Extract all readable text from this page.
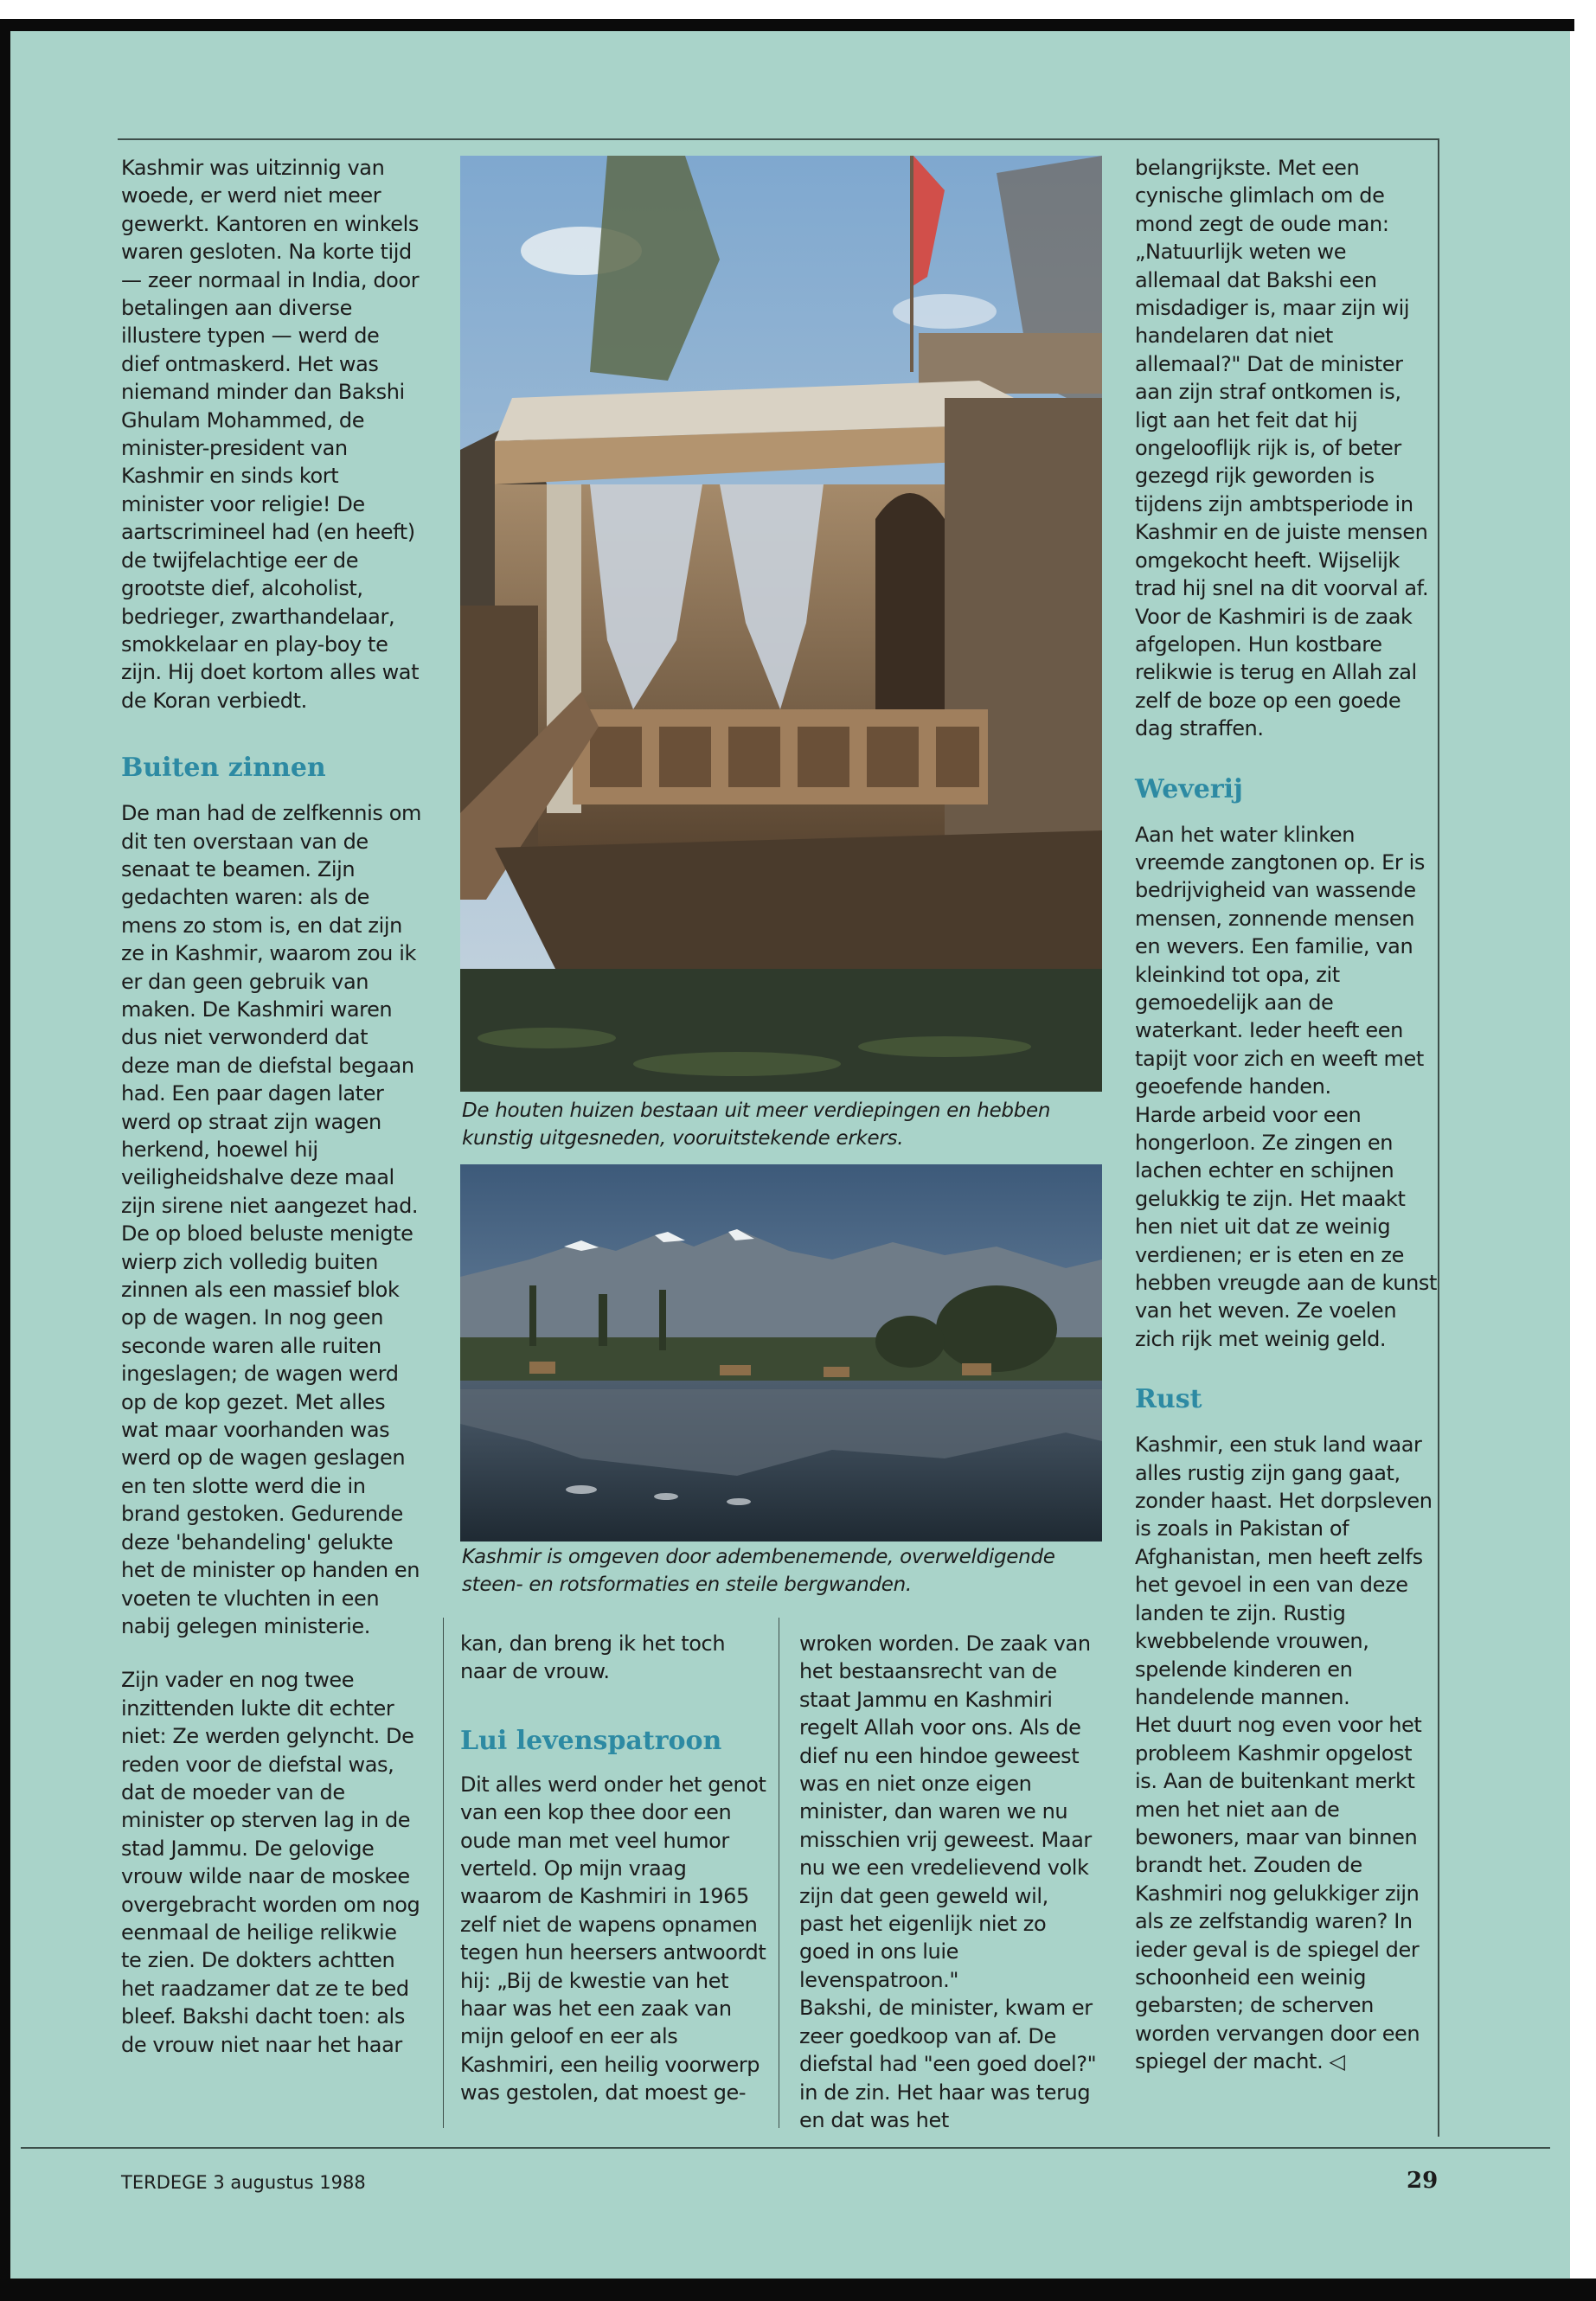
Kashmir was uitzinnig van woede, er werd niet meer gewerkt. Kantoren en winkels waren gesloten. Na korte tijd — zeer normaal in India, door betalingen aan diverse illustere typen — werd de dief ontmaskerd. Het was niemand minder dan Bakshi Ghulam Mohammed, de minister-president van Kashmir en sinds kort minister voor religie! De aartscrimineel had (en heeft) de twijfelachtige eer de grootste dief, alcoholist, bedrieger, zwarthandelaar, smokkelaar en play-boy te zijn. Hij doet kortom alles wat de Koran verbiedt.

Buiten zinnen

De man had de zelfkennis om dit ten overstaan van de senaat te beamen. Zijn gedachten waren: als de mens zo stom is, en dat zijn ze in Kashmir, waarom zou ik er dan geen gebruik van maken. De Kashmiri waren dus niet verwonderd dat deze man de diefstal begaan had. Een paar dagen later werd op straat zijn wagen herkend, hoewel hij veiligheidshalve deze maal zijn sirene niet aangezet had. De op bloed beluste menigte wierp zich volledig buiten zinnen als een massief blok op de wagen. In nog geen seconde waren alle ruiten ingeslagen; de wagen werd op de kop gezet. Met alles wat maar voorhanden was werd op de wagen geslagen en ten slotte werd die in brand gestoken. Gedurende deze 'behandeling' gelukte het de minister op handen en voeten te vluchten in een nabij gelegen ministerie.

Zijn vader en nog twee inzittenden lukte dit echter niet: Ze werden gelyncht. De reden voor de diefstal was, dat de moeder van de minister op sterven lag in de stad Jammu. De gelovige vrouw wilde naar de moskee overgebracht worden om nog eenmaal de heilige relikwie te zien. De dokters achtten het raadzamer dat ze te bed bleef. Bakshi dacht toen: als de vrouw niet naar het haar

De houten huizen bestaan uit meer verdiepingen en hebben kunstig uitgesneden, vooruitstekende erkers.
Kashmir is omgeven door adembenemende, overweldigende steen- en rotsformaties en steile bergwanden.

kan, dan breng ik het toch naar de vrouw.

Lui levenspatroon

Dit alles werd onder het genot van een kop thee door een oude man met veel humor verteld. Op mijn vraag waarom de Kashmiri in 1965 zelf niet de wapens opnamen tegen hun heersers antwoordt hij: „Bij de kwestie van het haar was het een zaak van mijn geloof en eer als Kashmiri, een heilig voorwerp was gestolen, dat moest ge-

wroken worden. De zaak van het bestaansrecht van de staat Jammu en Kashmiri regelt Allah voor ons. Als de dief nu een hindoe geweest was en niet onze eigen minister, dan waren we nu misschien vrij geweest. Maar nu we een vredelievend volk zijn dat geen geweld wil, past het eigenlijk niet zo goed in ons luie levenspatroon."

Bakshi, de minister, kwam er zeer goedkoop van af. De diefstal had "een goed doel?" in de zin. Het haar was terug en dat was het

belangrijkste. Met een cynische glimlach om de mond zegt de oude man: „Natuurlijk weten we allemaal dat Bakshi een misdadiger is, maar zijn wij handelaren dat niet allemaal?" Dat de minister aan zijn straf ontkomen is, ligt aan het feit dat hij ongelooflijk rijk is, of beter gezegd rijk geworden is tijdens zijn ambtsperiode in Kashmir en de juiste mensen omgekocht heeft. Wijselijk trad hij snel na dit voorval af. Voor de Kashmiri is de zaak afgelopen. Hun kostbare relikwie is terug en Allah zal zelf de boze op een goede dag straffen.

Weverij

Aan het water klinken vreemde zangtonen op. Er is bedrijvigheid van wassende mensen, zonnende mensen en wevers. Een familie, van kleinkind tot opa, zit gemoedelijk aan de waterkant. Ieder heeft een tapijt voor zich en weeft met geoefende handen.

Harde arbeid voor een hongerloon. Ze zingen en lachen echter en schijnen gelukkig te zijn. Het maakt hen niet uit dat ze weinig verdienen; er is eten en ze hebben vreugde aan de kunst van het weven. Ze voelen zich rijk met weinig geld.

Rust

Kashmir, een stuk land waar alles rustig zijn gang gaat, zonder haast. Het dorpsleven is zoals in Pakistan of Afghanistan, men heeft zelfs het gevoel in een van deze landen te zijn. Rustig kwebbelende vrouwen, spelende kinderen en handelende mannen.

Het duurt nog even voor het probleem Kashmir opgelost is. Aan de buitenkant merkt men het niet aan de bewoners, maar van binnen brandt het. Zouden de Kashmiri nog gelukkiger zijn als ze zelfstandig waren? In ieder geval is de spiegel der schoonheid een weinig gebarsten; de scherven worden vervangen door een spiegel der macht. ◁

TERDEGE 3 augustus 1988	29
